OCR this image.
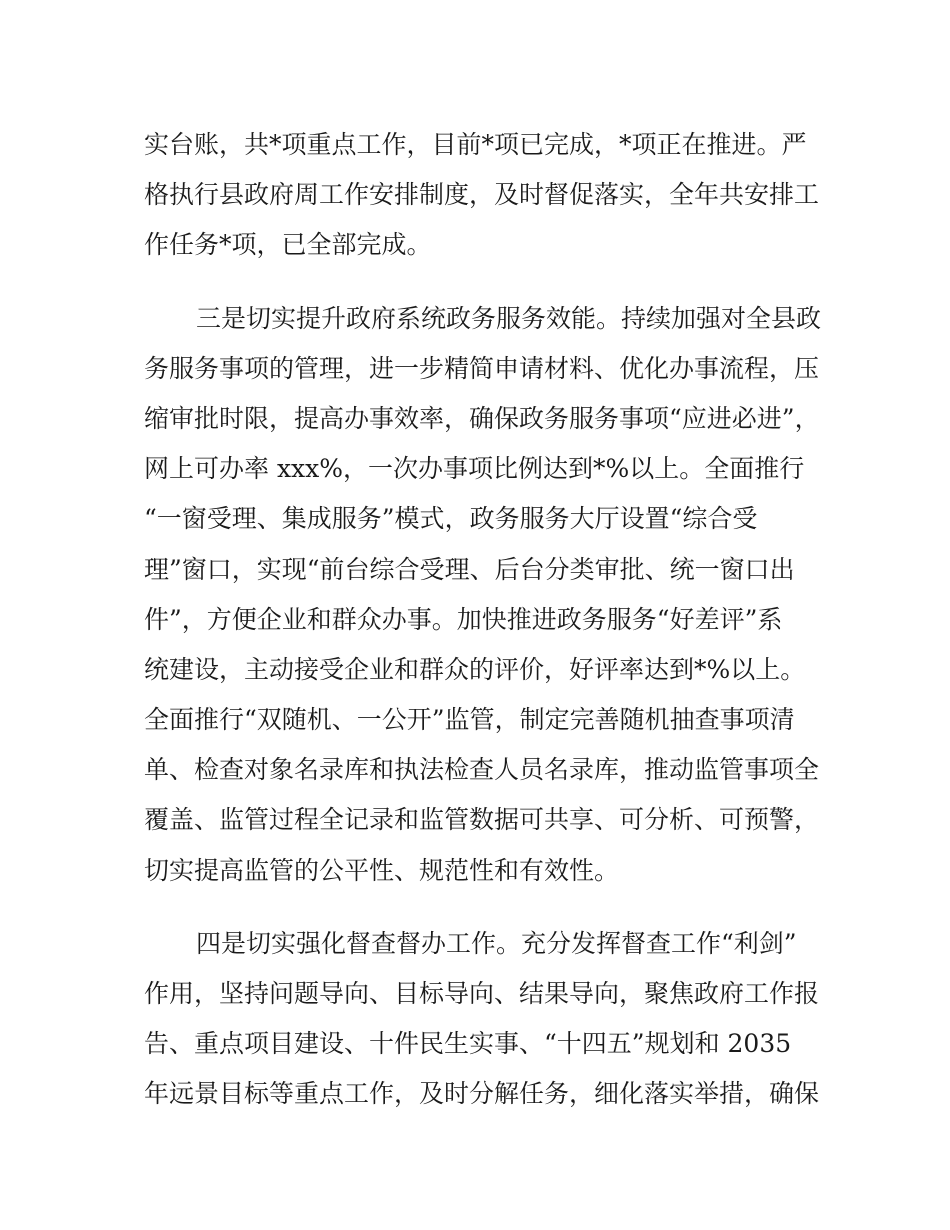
实台账，共*项重点工作，目前*项已完成，*项正在推进。严
格执行县政府周工作安排制度，及时督促落实，全年共安排工
作任务*项，已全部完成。
三是切实提升政府系统政务服务效能。持续加强对全县政
务服务事项的管理，进一步精简申请材料、优化办事流程，压
缩审批时限，提高办事效率，确保政务服务事项“应进必进”，
网上可办率 xxx%，一次办事项比例达到*%以上。全面推行
“一窗受理、集成服务”模式，政务服务大厅设置“综合受
理”窗口，实现“前台综合受理、后台分类审批、统一窗口出
件”，方便企业和群众办事。加快推进政务服务“好差评”系
统建设，主动接受企业和群众的评价，好评率达到*%以上。
全面推行“双随机、一公开”监管，制定完善随机抽查事项清
单、检查对象名录库和执法检查人员名录库，推动监管事项全
覆盖、监管过程全记录和监管数据可共享、可分析、可预警，
切实提高监管的公平性、规范性和有效性。
四是切实强化督查督办工作。充分发挥督查工作“利剑”
作用，坚持问题导向、目标导向、结果导向，聚焦政府工作报
告、重点项目建设、十件民生实事、“十四五”规划和 2035
年远景目标等重点工作，及时分解任务，细化落实举措，确保
